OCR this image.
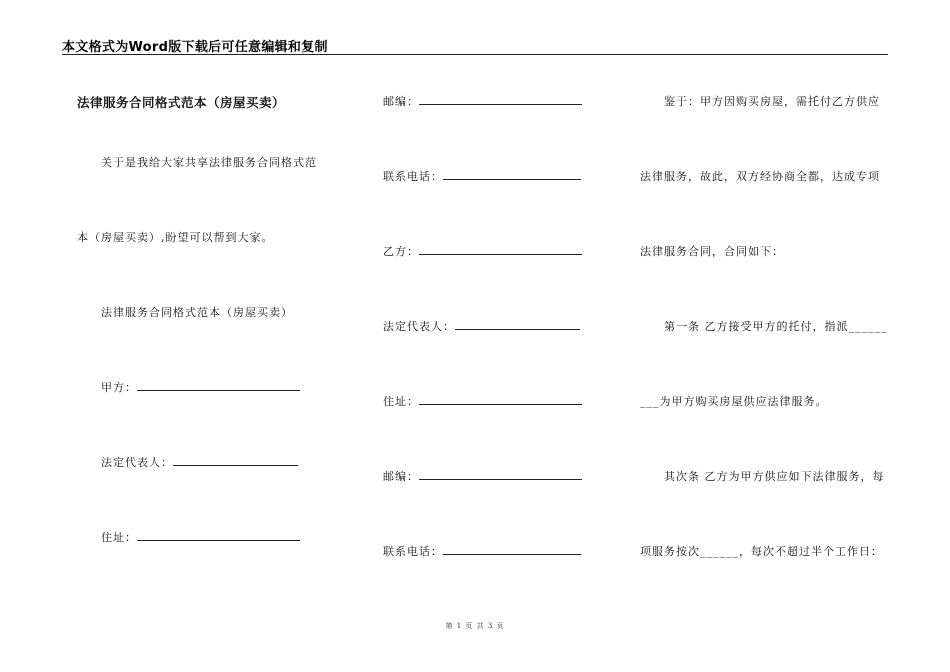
本文格式为Word版下载后可任意编辑和复制
法律服务合同格式范本（房屋买卖）
关于是我给大家共享法律服务合同格式范
本（房屋买卖）,盼望可以帮到大家。
法律服务合同格式范本（房屋买卖）
甲方：
法定代表人：
住址：
邮编：
联系电话：
乙方：
法定代表人：
住址：
邮编：
联系电话：
鉴于：甲方因购买房屋，需托付乙方供应
法律服务，故此，双方经协商全都，达成专项
法律服务合同，合同如下：
第一条 乙方接受甲方的托付，指派______
___为甲方购买房屋供应法律服务。
其次条 乙方为甲方供应如下法律服务，每
项服务按次______，每次不超过半个工作日：
第 1 页 共 3 页
